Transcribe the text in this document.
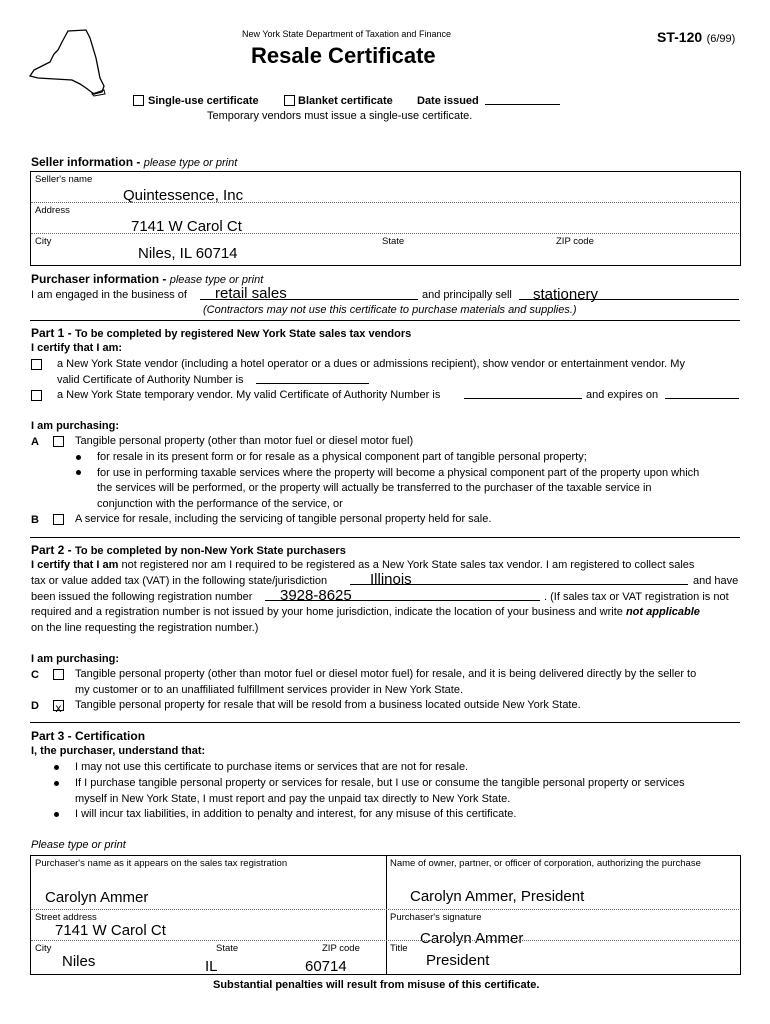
New York State Department of Taxation and Finance
Resale Certificate
ST-120 (6/99)
Single-use certificate	Blanket certificate Date issued
Temporary vendors must issue a single-use certificate.
Seller information - please type or print
Seller's name
Quintessence, Inc
Address
7141 W Carol Ct
City	State	ZIP code
Niles, IL 60714
Purchaser information - please type or print
I am engaged in the business of retail sales	and principally sell stationery
(Contractors may not use this certificate to purchase materials and supplies.)
Part 1 - To be completed by registered New York State sales tax vendors
I certify that I am:
a New York State vendor (including a hotel operator or a dues or admissions recipient), show vendor or entertainment vendor. My
valid Certificate of Authority Number is
a New York State temporary vendor. My valid Certificate of Authority Number is	and expires on
I am purchasing:
A	Tangible personal property (other than motor fuel or diesel motor fuel)
for resale in its present form or for resale as a physical component part of tangible personal property;
for use in performing taxable services where the property will become a physical component part of the property upon which
the services will be performed, or the property will actually be transferred to the purchaser of the taxable service in
conjunction with the performance of the service, or
B	A service for resale, including the servicing of tangible personal property held for sale.
Part 2 - To be completed by non-New York State purchasers
I certify that I am not registered nor am I required to be registered as a New York State sales tax vendor. I am registered to collect sales
tax or value added tax (VAT) in the following state/jurisdiction	Illinois	and have
been issued the following registration number 3928-8625	. (If sales tax or VAT registration is not
required and a registration number is not issued by your home jurisdiction, indicate the location of your business and write not applicable
on the line requesting the registration number.)
I am purchasing:
C	Tangible personal property (other than motor fuel or diesel motor fuel) for resale, and it is being delivered directly by the seller to
my customer or to an unaffiliated fulfillment services provider in New York State.
D x Tangible personal property for resale that will be resold from a business located outside New York State.
Part 3 - Certification
I, the purchaser, understand that:
I may not use this certificate to purchase items or services that are not for resale.
If I purchase tangible personal property or services for resale, but I use or consume the tangible personal property or services
myself in New York State, I must report and pay the unpaid tax directly to New York State.
I will incur tax liabilities, in addition to penalty and interest, for any misuse of this certificate.
Please type or print
Purchaser's name as it appears on the sales tax registration
Carolyn Ammer
Name of owner, partner, or officer of corporation, authorizing the purchase
Carolyn Ammer, President
Street address
7141 W Carol Ct
Purchaser's signature
Carolyn Ammer
City	State	ZIP code	Title
Niles	IL	60714	President
Substantial penalties will result from misuse of this certificate.
